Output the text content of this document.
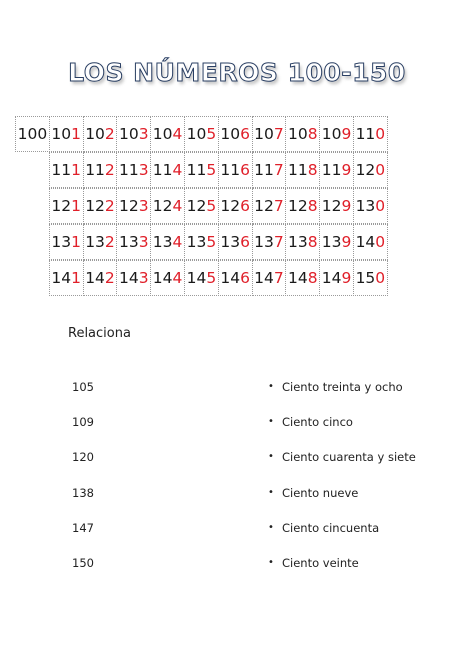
LOS NÚMEROS 100-150
10 0 10 1 10 2 10 3 10 4 10 5 10 6 10 7 10 8 10 9 11 0
11 1 11 2 11 3 11 4 11 5 11 6 11 7 11 8 11 9 12 0
12 1 12 2 12 3 12 4 12 5 12 6 12 7 12 8 12 9 13 0
13 1 13 2 13 3 13 4 13 5 13 6 13 7 13 8 13 9 14 0
14 1 14 2 14 3 14 4 14 5 14 6 14 7 14 8 14 9 15 0
Relaciona
105
109
120
138
147
150
• Ciento treinta y ocho
• Ciento cinco
• Ciento cuarenta y siete
• Ciento nueve
• Ciento cincuenta
• Ciento veinte
